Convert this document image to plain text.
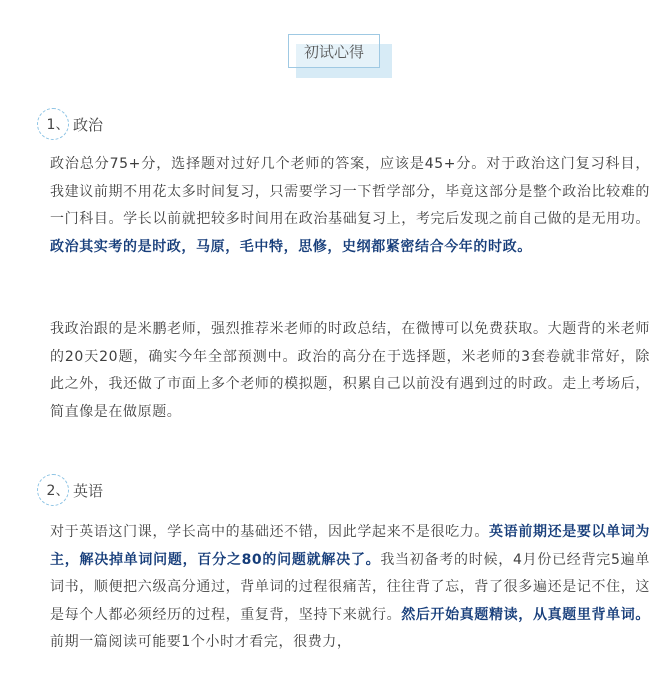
初试心得
1、 政治

政治总分75+分，选择题对过好几个老师的答案，应该是45+分。对于政治这门复习科目，我建议前期不用花太多时间复习，只需要学习一下哲学部分，毕竟这部分是整个政治比较难的一门科目。学长以前就把较多时间用在政治基础复习上，考完后发现之前自己做的是无用功。政治其实考的是时政，马原，毛中特，思修，史纲都紧密结合今年的时政。

我政治跟的是米鹏老师，强烈推荐米老师的时政总结，在微博可以免费获取。大题背的米老师的20天20题，确实今年全部预测中。政治的高分在于选择题，米老师的3套卷就非常好，除此之外，我还做了市面上多个老师的模拟题，积累自己以前没有遇到过的时政。走上考场后，简直像是在做原题。

2、 英语

对于英语这门课，学长高中的基础还不错，因此学起来不是很吃力。英语前期还是要以单词为主，解决掉单词问题，百分之80的问题就解决了。我当初备考的时候，4月份已经背完5遍单词书，顺便把六级高分通过，背单词的过程很痛苦，往往背了忘，背了很多遍还是记不住，这是每个人都必须经历的过程，重复背，坚持下来就行。然后开始真题精读，从真题里背单词。前期一篇阅读可能要1个小时才看完，很费力，
